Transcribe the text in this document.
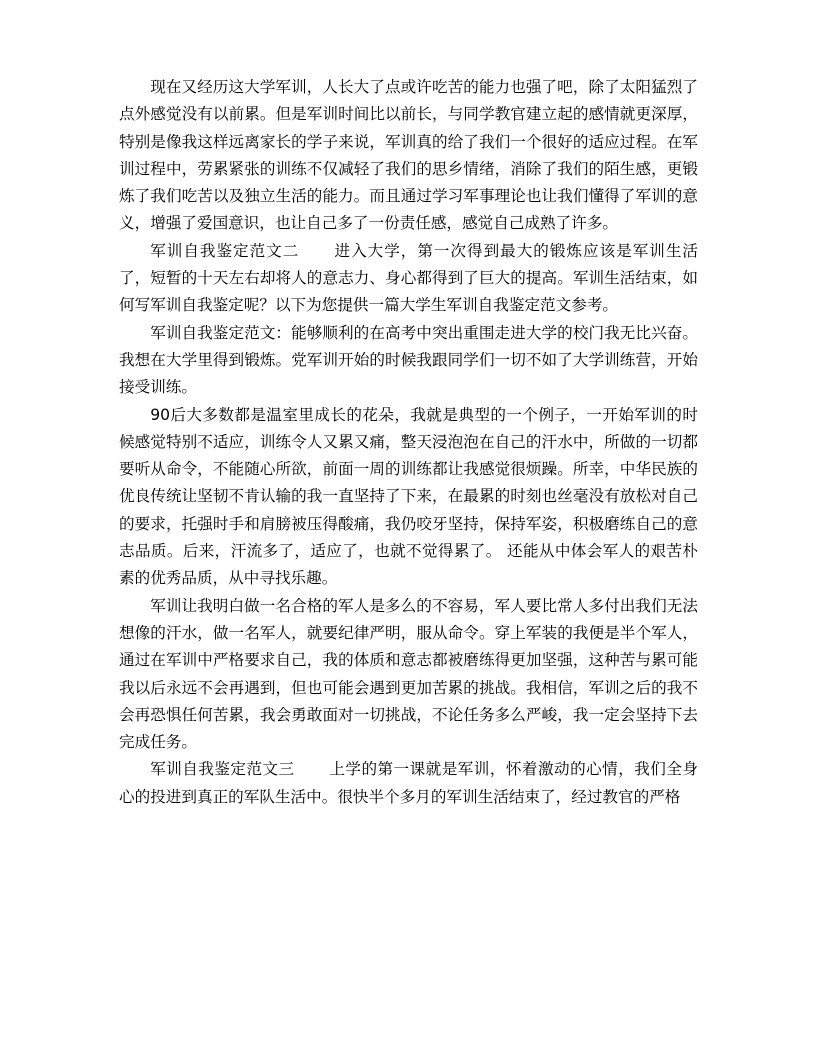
现在又经历这大学军训，人长大了点或许吃苦的能力也强了吧，除了太阳猛烈了点外感觉没有以前累。但是军训时间比以前长，与同学教官建立起的感情就更深厚，特别是像我这样远离家长的学子来说，军训真的给了我们一个很好的适应过程。在军训过程中，劳累紧张的训练不仅减轻了我们的思乡情绪，消除了我们的陌生感，更锻炼了我们吃苦以及独立生活的能力。而且通过学习军事理论也让我们懂得了军训的意义，增强了爱国意识，也让自己多了一份责任感，感觉自己成熟了许多。

军训自我鉴定范文二 进入大学，第一次得到最大的锻炼应该是军训生活了，短暂的十天左右却将人的意志力、身心都得到了巨大的提高。军训生活结束，如何写军训自我鉴定呢？以下为您提供一篇大学生军训自我鉴定范文参考。

军训自我鉴定范文：能够顺利的在高考中突出重围走进大学的校门我无比兴奋。我想在大学里得到锻炼。党军训开始的时候我跟同学们一切不如了大学训练营，开始接受训练。

90后大多数都是温室里成长的花朵，我就是典型的一个例子，一开始军训的时候感觉特别不适应，训练令人又累又痛，整天浸泡泡在自己的汗水中，所做的一切都要听从命令，不能随心所欲，前面一周的训练都让我感觉很烦躁。所幸，中华民族的优良传统让坚韧不肯认输的我一直坚持了下来，在最累的时刻也丝毫没有放松对自己的要求，托强时手和肩膀被压得酸痛，我仍咬牙坚持，保持军姿，积极磨练自己的意志品质。后来，汗流多了，适应了，也就不觉得累了。 还能从中体会军人的艰苦朴素的优秀品质，从中寻找乐趣。

军训让我明白做一名合格的军人是多么的不容易，军人要比常人多付出我们无法想像的汗水，做一名军人，就要纪律严明，服从命令。穿上军装的我便是半个军人，通过在军训中严格要求自己，我的体质和意志都被磨练得更加坚强，这种苦与累可能我以后永远不会再遇到，但也可能会遇到更加苦累的挑战。我相信，军训之后的我不会再恐惧任何苦累，我会勇敢面对一切挑战，不论任务多么严峻，我一定会坚持下去完成任务。

军训自我鉴定范文三 上学的第一课就是军训，怀着激动的心情，我们全身心的投进到真正的军队生活中。很快半个多月的军训生活结束了，经过教官的严格
